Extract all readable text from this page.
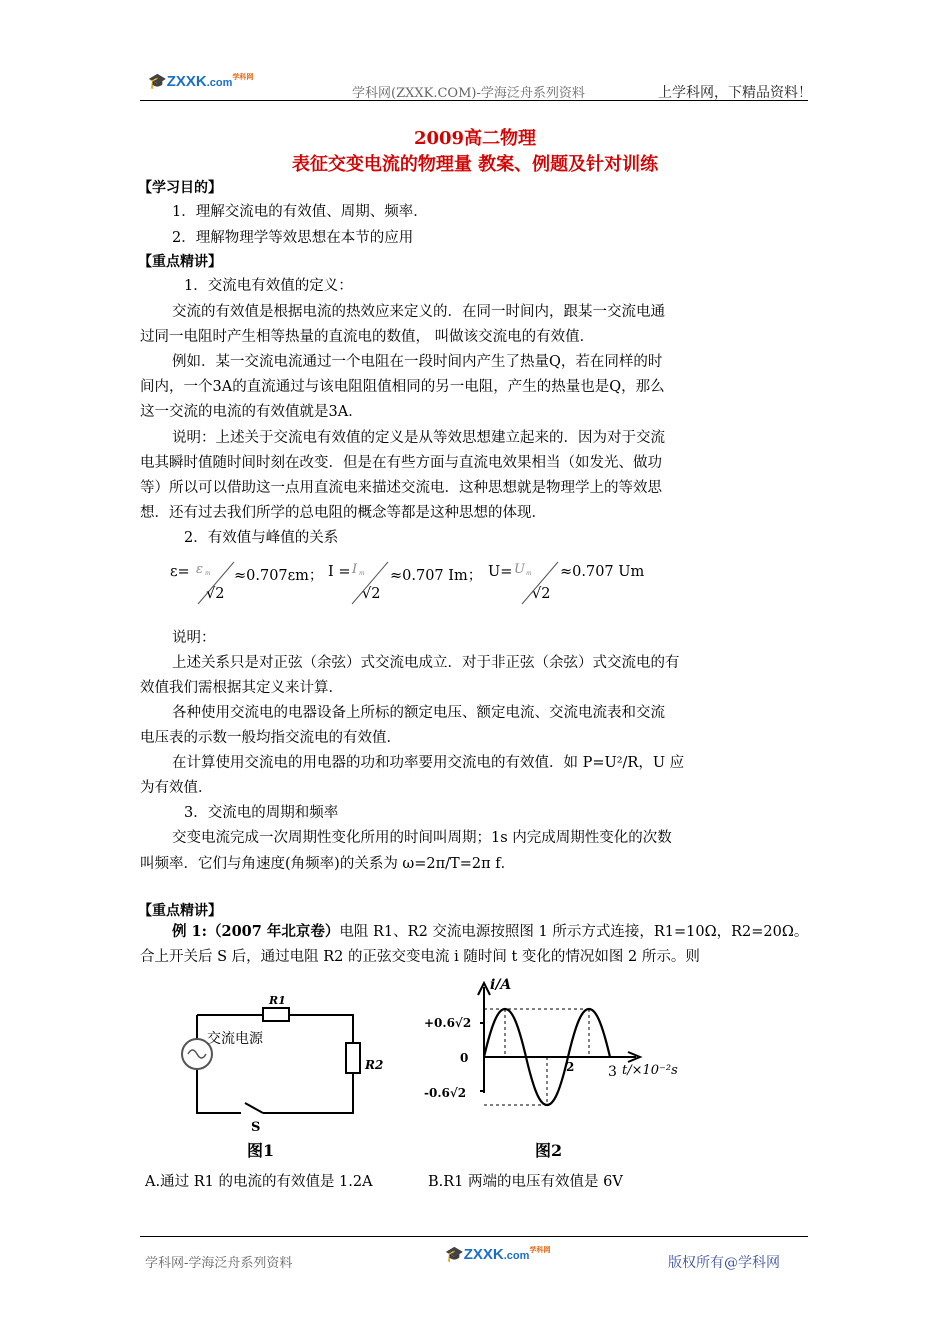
🎓ZXXK.com$^{学科网}$
学科网(ZXXK.COM)-学海泛舟系列资料	上学科网，下精品资料！
2009高二物理
表征交变电流的物理量 教案、例题及针对训练
【学习目的】
1．理解交流电的有效值、周期、频率．
2．理解物理学等效思想在本节的应用
【重点精讲】
1．交流电有效值的定义：
交流的有效值是根据电流的热效应来定义的．在同一时间内，跟某一交流电通
过同一电阻时产生相等热量的直流电的数值， 叫做该交流电的有效值．
例如．某一交流电流通过一个电阻在一段时间内产生了热量Q，若在同样的时
间内，一个3A的直流通过与该电阻阻值相同的另一电阻，产生的热量也是Q，那么
这一交流的电流的有效值就是3A．
说明：上述关于交流电有效值的定义是从等效思想建立起来的．因为对于交流
电其瞬时值随时间时刻在改变．但是在有些方面与直流电效果相当（如发光、做功
等）所以可以借助这一点用直流电来描述交流电．这种思想就是物理学上的等效思
想．还有过去我们所学的总电阻的概念等都是这种思想的体现．
2．有效值与峰值的关系
ε= ε m
√2
≈0.707εm； I = I m
√2
≈0.707 Im； U= U m
√2
≈0.707 Um
说明：
上述关系只是对正弦（余弦）式交流电成立．对于非正弦（余弦）式交流电的有
效值我们需根据其定义来计算．
各种使用交流电的电器设备上所标的额定电压、额定电流、交流电流表和交流
电压表的示数一般均指交流电的有效值．
在计算使用交流电的用电器的功和功率要用交流电的有效值．如 P=U²/R，U 应
为有效值．
3．交流电的周期和频率
交变电流完成一次周期性变化所用的时间叫周期；1s 内完成周期性变化的次数
叫频率．它们与角速度(角频率)的关系为 ω=2π/T=2π f．
【重点精讲】
例 1:（2007 年北京卷）电阻 R1、R2 交流电源按照图 1 所示方式连接，R1=10Ω，R2=20Ω。
合上开关后 S 后，通过电阻 R2 的正弦交变电流 i 随时间 t 变化的情况如图 2 所示。则
R1
R2
交流电源
S
图1
i/A
+0.6√2
0
-0.6√2
2 3 t/×10⁻²s
图2
A.通过 R1 的电流的有效值是 1.2A	B.R1 两端的电压有效值是 6V
学科网-学海泛舟系列资料
🎓ZXXK.com$^{学科网}$
版权所有@学科网
